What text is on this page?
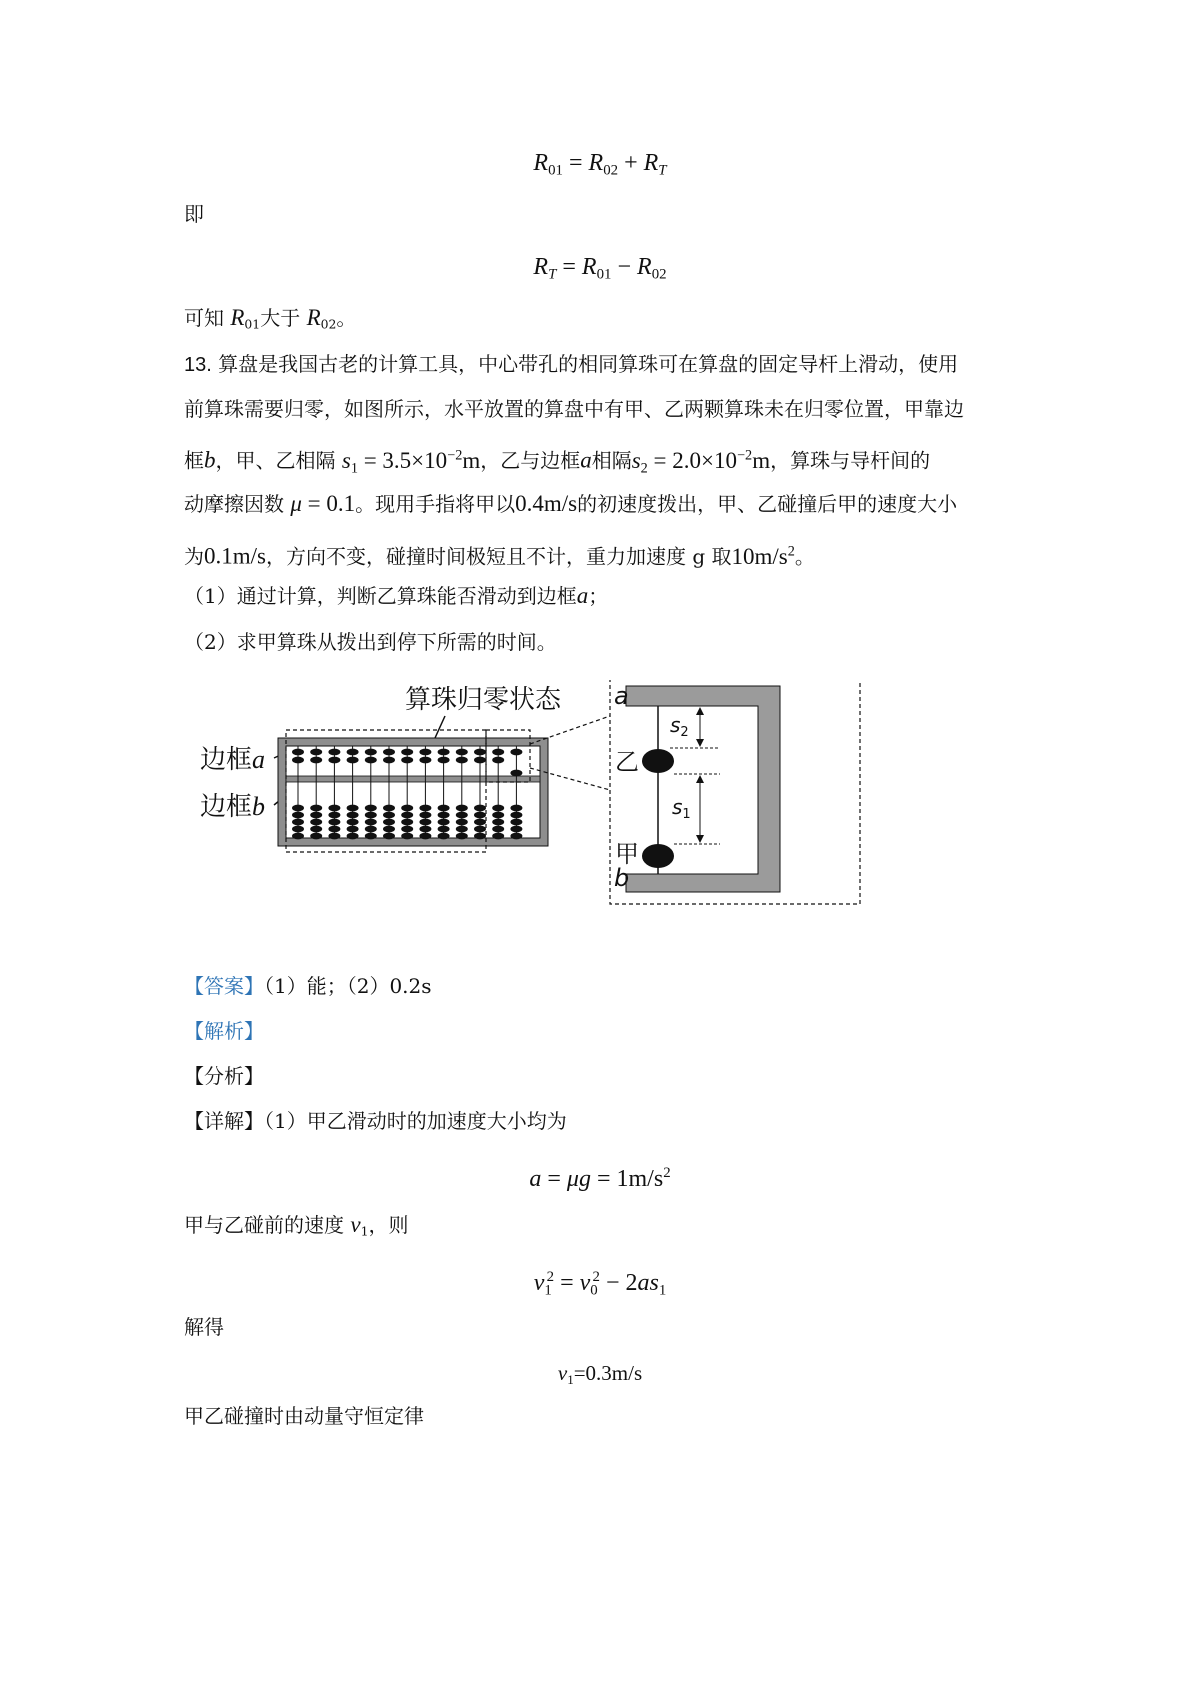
$R_{01} = R_{02} + R_T$
即
$R_T = R_{01} - R_{02}$
可知 $R_{01}$大于 $R_{02}$。
13. 算盘是我国古老的计算工具，中心带孔的相同算珠可在算盘的固定导杆上滑动，使用
前算珠需要归零，如图所示，水平放置的算盘中有甲、乙两颗算珠未在归零位置，甲靠边
框b，甲、乙相隔 $s_1 = 3.5\times 10^{-2}m$，乙与边框a相隔$s_2 = 2.0\times 10^{-2}m$，算珠与导杆间的
动摩擦因数 μ = 0.1。现用手指将甲以0.4m/s的初速度拨出，甲、乙碰撞后甲的速度大小
为0.1m/s，方向不变，碰撞时间极短且不计，重力加速度 g 取$10m/s^2$。
（1）通过计算，判断乙算珠能否滑动到边框a；
（2）求甲算珠从拨出到停下所需的时间。
算珠归零状态
边框a
边框b
a
b
乙
甲
$s_2$
$s_1$
【答案】（1）能；（2）0.2s
【解析】
【分析】
【详解】（1）甲乙滑动时的加速度大小均为
$a = \mu g = 1m/s^2$
甲与乙碰前的速度 $v_1$，则
$v_1^2 = v_0^2 - 2as_1$
解得
$v_1=0.3m/s$
甲乙碰撞时由动量守恒定律
